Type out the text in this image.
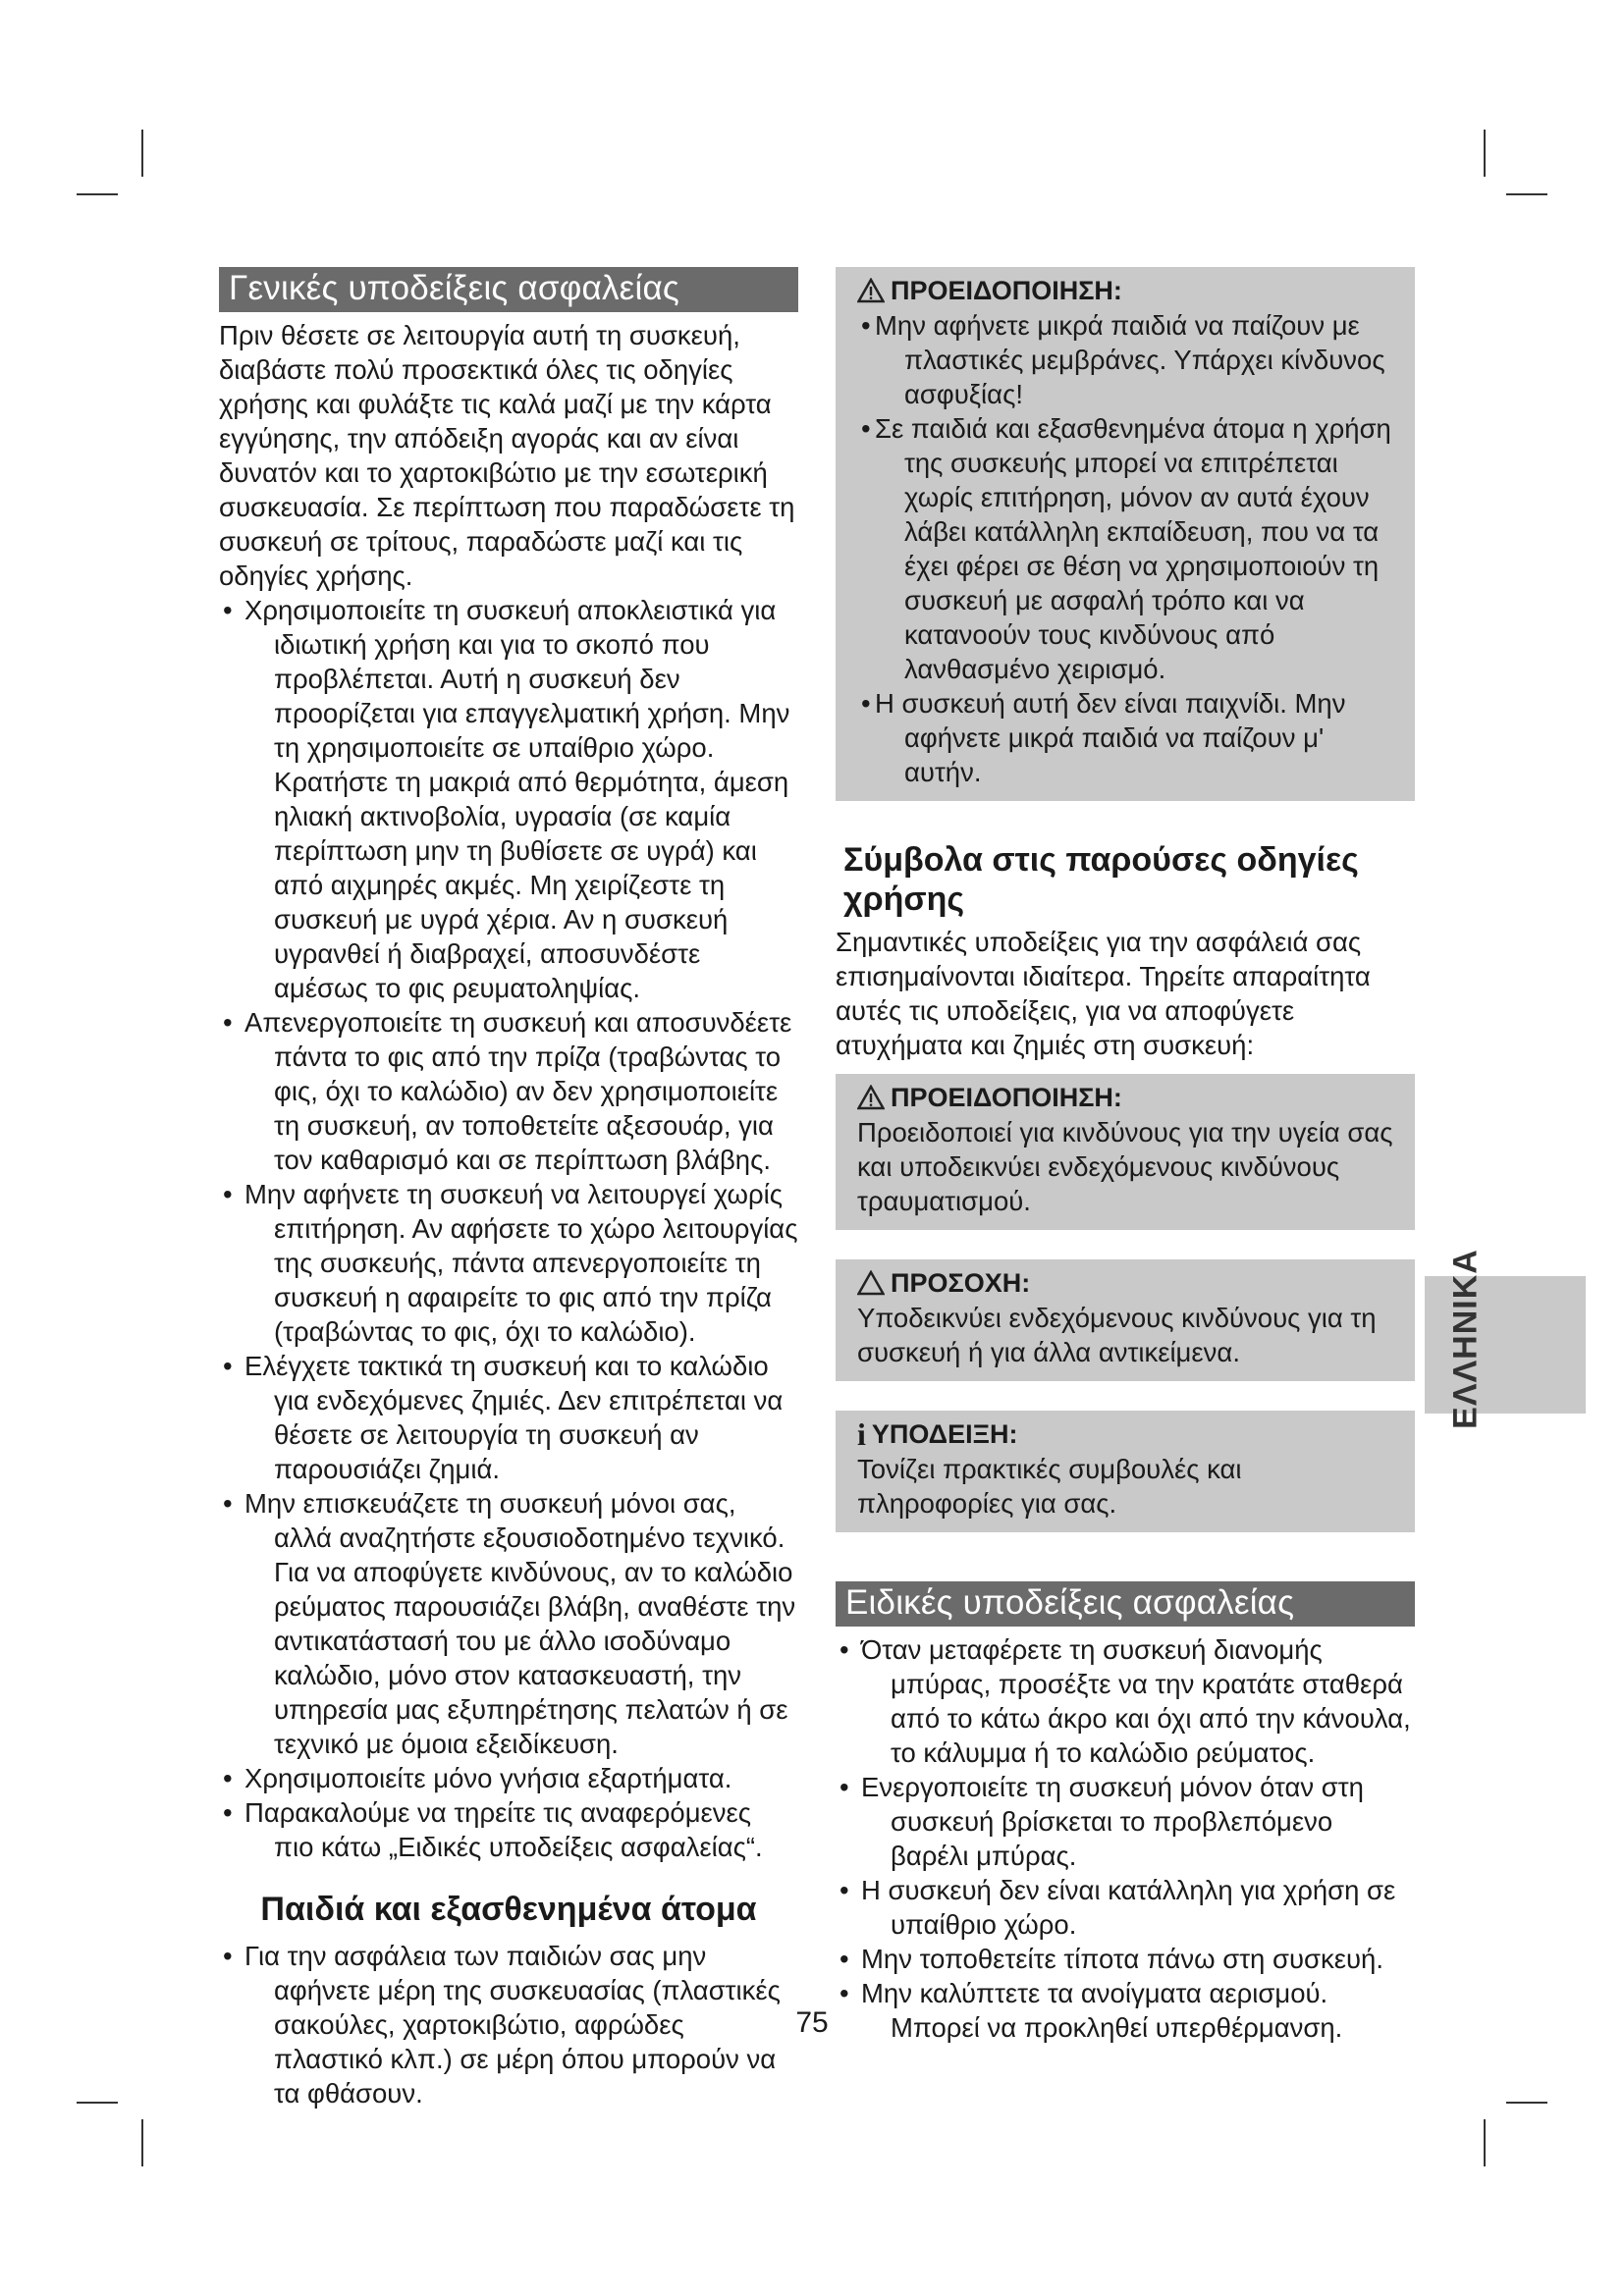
Γενικές υποδείξεις ασφαλείας

Πριν θέσετε σε λειτουργία αυτή τη συσκευή, διαβάστε πολύ προσεκτικά όλες τις οδηγίες χρήσης και φυλάξτε τις καλά μαζί με την κάρτα εγγύησης, την απόδειξη αγοράς και αν είναι δυνατόν και το χαρτοκιβώτιο με την εσωτερική συσκευασία. Σε περίπτωση που παραδώσετε τη συσκευή σε τρίτους, παραδώστε μαζί και τις οδηγίες χρήσης.

• Χρησιμοποιείτε τη συσκευή αποκλειστικά για ιδιωτική χρήση και για το σκοπό που προβλέπεται. Αυτή η συσκευή δεν προορίζεται για επαγγελματική χρήση. Μην τη χρησιμοποιείτε σε υπαίθριο χώρο. Κρατήστε τη μακριά από θερμότητα, άμεση ηλιακή ακτινοβολία, υγρασία (σε καμία περίπτωση μην τη βυθίσετε σε υγρά) και από αιχμηρές ακμές. Μη χειρίζεστε τη συσκευή με υγρά χέρια. Αν η συσκευή υγρανθεί ή διαβραχεί, αποσυνδέστε αμέσως το φις ρευματοληψίας.
• Απενεργοποιείτε τη συσκευή και αποσυνδέετε πάντα το φις από την πρίζα (τραβώντας το φις, όχι το καλώδιο) αν δεν χρησιμοποιείτε τη συσκευή, αν τοποθετείτε αξεσουάρ, για τον καθαρισμό και σε περίπτωση βλάβης.
• Μην αφήνετε τη συσκευή να λειτουργεί χωρίς επιτήρηση. Αν αφήσετε το χώρο λειτουργίας της συσκευής, πάντα απενεργοποιείτε τη συσκευή η αφαιρείτε το φις από την πρίζα (τραβώντας το φις, όχι το καλώδιο).
• Ελέγχετε τακτικά τη συσκευή και το καλώδιο για ενδεχόμενες ζημιές. Δεν επιτρέπεται να θέσετε σε λειτουργία τη συσκευή αν παρουσιάζει ζημιά.
• Μην επισκευάζετε τη συσκευή μόνοι σας, αλλά αναζητήστε εξουσιοδοτημένο τεχνικό. Για να αποφύγετε κινδύνους, αν το καλώδιο ρεύματος παρουσιάζει βλάβη, αναθέστε την αντικατάστασή του με άλλο ισοδύναμο καλώδιο, μόνο στον κατασκευαστή, την υπηρεσία μας εξυπηρέτησης πελατών ή σε τεχνικό με όμοια εξειδίκευση.
• Χρησιμοποιείτε μόνο γνήσια εξαρτήματα.
• Παρακαλούμε να τηρείτε τις αναφερόμενες πιο κάτω „Ειδικές υποδείξεις ασφαλείας“.
Παιδιά και εξασθενημένα άτομα
• Για την ασφάλεια των παιδιών σας μην αφήνετε μέρη της συσκευασίας (πλαστικές σακούλες, χαρτοκιβώτιο, αφρώδες πλαστικό κλπ.) σε μέρη όπου μπορούν να τα φθάσουν.
ΠΡΟΕΙΔΟΠΟΙΗΣΗ:
• Μην αφήνετε μικρά παιδιά να παίζουν με πλαστικές μεμβράνες. Υπάρχει κίνδυνος ασφυξίας!
• Σε παιδιά και εξασθενημένα άτομα η χρήση της συσκευής μπορεί να επιτρέπεται χωρίς επιτήρηση, μόνον αν αυτά έχουν λάβει κατάλληλη εκπαίδευση, που να τα έχει φέρει σε θέση να χρησιμοποιούν τη συσκευή με ασφαλή τρόπο και να κατανοούν τους κινδύνους από λανθασμένο χειρισμό.
• Η συσκευή αυτή δεν είναι παιχνίδι. Μην αφήνετε μικρά παιδιά να παίζουν μ' αυτήν.
Σύμβολα στις παρούσες οδηγίες χρήσης

Σημαντικές υποδείξεις για την ασφάλειά σας επισημαίνονται ιδιαίτερα. Τηρείτε απαραίτητα αυτές τις υποδείξεις, για να αποφύγετε ατυχήματα και ζημιές στη συσκευή:

ΠΡΟΕΙΔΟΠΟΙΗΣΗ:

Προειδοποιεί για κινδύνους για την υγεία σας και υποδεικνύει ενδεχόμενους κινδύνους τραυματισμού.

ΠΡΟΣΟΧΗ:

Υποδεικνύει ενδεχόμενους κινδύνους για τη συσκευή ή για άλλα αντικείμενα.

i ΥΠΟΔΕΙΞΗ:

Τονίζει πρακτικές συμβουλές και πληροφορίες για σας.

Ειδικές υποδείξεις ασφαλείας
• Όταν μεταφέρετε τη συσκευή διανομής μπύρας, προσέξτε να την κρατάτε σταθερά από το κάτω άκρο και όχι από την κάνουλα, το κάλυμμα ή το καλώδιο ρεύματος.
• Ενεργοποιείτε τη συσκευή μόνον όταν στη συσκευή βρίσκεται το προβλεπόμενο βαρέλι μπύρας.
• Η συσκευή δεν είναι κατάλληλη για χρήση σε υπαίθριο χώρο.
• Μην τοποθετείτε τίποτα πάνω στη συσκευή.
• Μην καλύπτετε τα ανοίγματα αερισμού. Μπορεί να προκληθεί υπερθέρμανση.
ΕΛΛΗΝΙΚΑ
75
